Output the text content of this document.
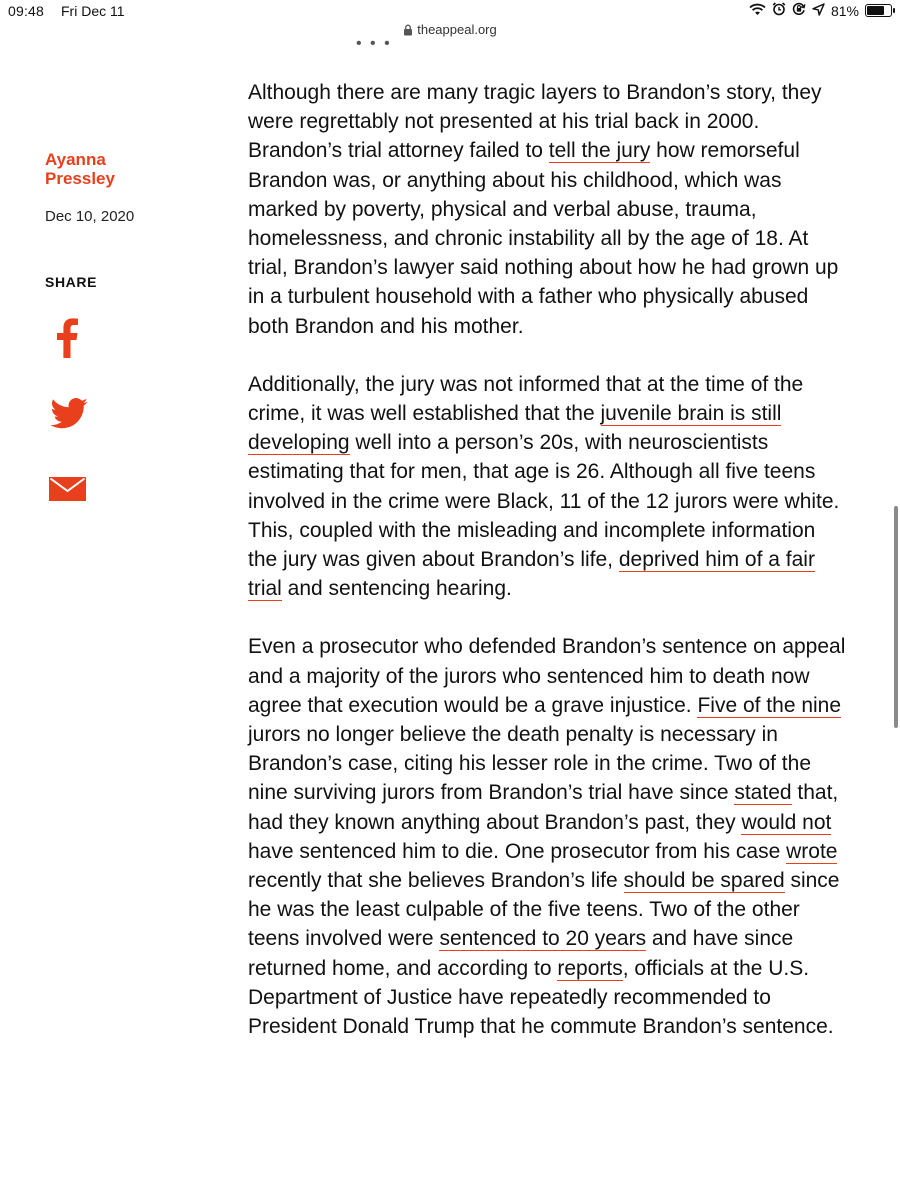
09:48 Fri Dec 11	81%
theappeal.org
• • •

Ayanna Pressley

Dec 10, 2020
SHARE

Although there are many tragic layers to Brandon’s story, they were regrettably not presented at his trial back in 2000. Brandon’s trial attorney failed to tell the jury how remorseful Brandon was, or anything about his childhood, which was marked by poverty, physical and verbal abuse, trauma, homelessness, and chronic instability all by the age of 18. At trial, Brandon’s lawyer said nothing about how he had grown up in a turbulent household with a father who physically abused both Brandon and his mother.

Additionally, the jury was not informed that at the time of the crime, it was well established that the juvenile brain is still developing well into a person’s 20s, with neuroscientists estimating that for men, that age is 26. Although all five teens involved in the crime were Black, 11 of the 12 jurors were white. This, coupled with the misleading and incomplete information the jury was given about Brandon’s life, deprived him of a fair trial and sentencing hearing.

Even a prosecutor who defended Brandon’s sentence on appeal and a majority of the jurors who sentenced him to death now agree that execution would be a grave injustice. Five of the nine jurors no longer believe the death penalty is necessary in Brandon’s case, citing his lesser role in the crime. Two of the nine surviving jurors from Brandon’s trial have since stated that, had they known anything about Brandon’s past, they would not have sentenced him to die. One prosecutor from his case wrote recently that she believes Brandon’s life should be spared since he was the least culpable of the five teens. Two of the other teens involved were sentenced to 20 years and have since returned home, and according to reports, officials at the U.S. Department of Justice have repeatedly recommended to President Donald Trump that he commute Brandon’s sentence.
